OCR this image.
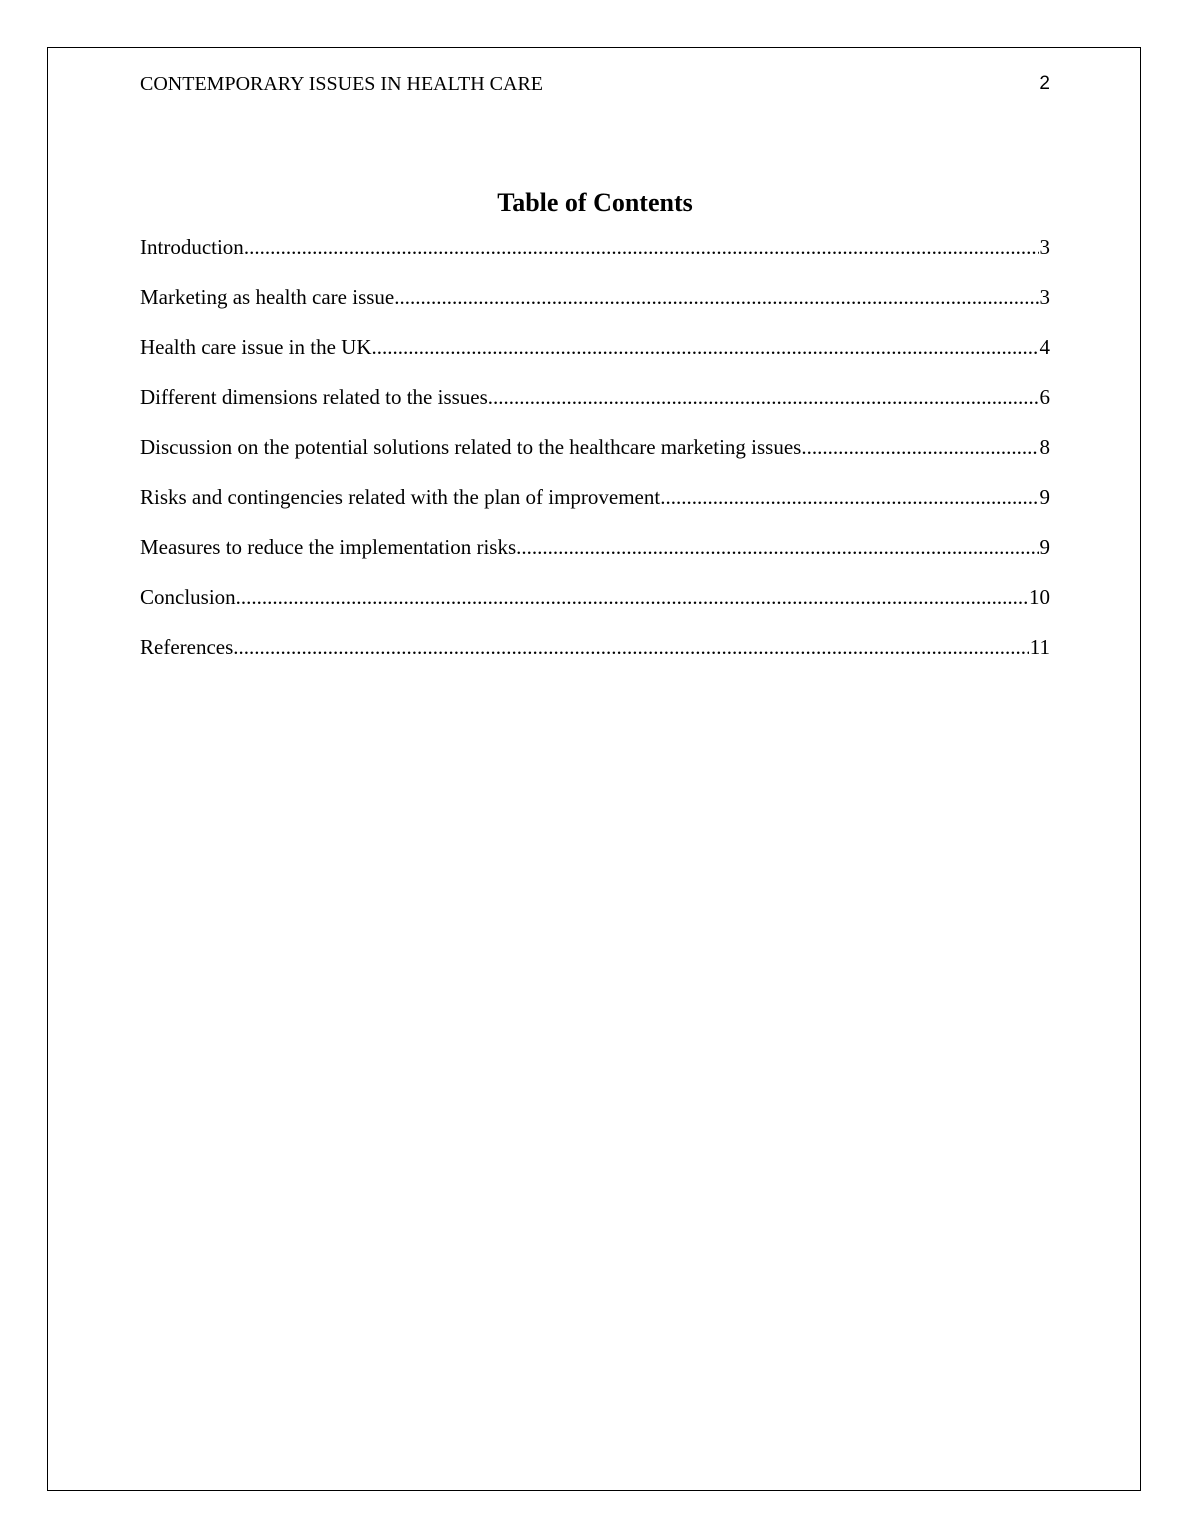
CONTEMPORARY ISSUES IN HEALTH CARE	2
Table of Contents
Introduction .....	3
Marketing as health care issue .....	3
Health care issue in the UK .....	4
Different dimensions related to the issues .....	6
Discussion on the potential solutions related to the healthcare marketing issues .....	8
Risks and contingencies related with the plan of improvement .....	9
Measures to reduce the implementation risks .....	9
Conclusion .....	10
References .....	11
